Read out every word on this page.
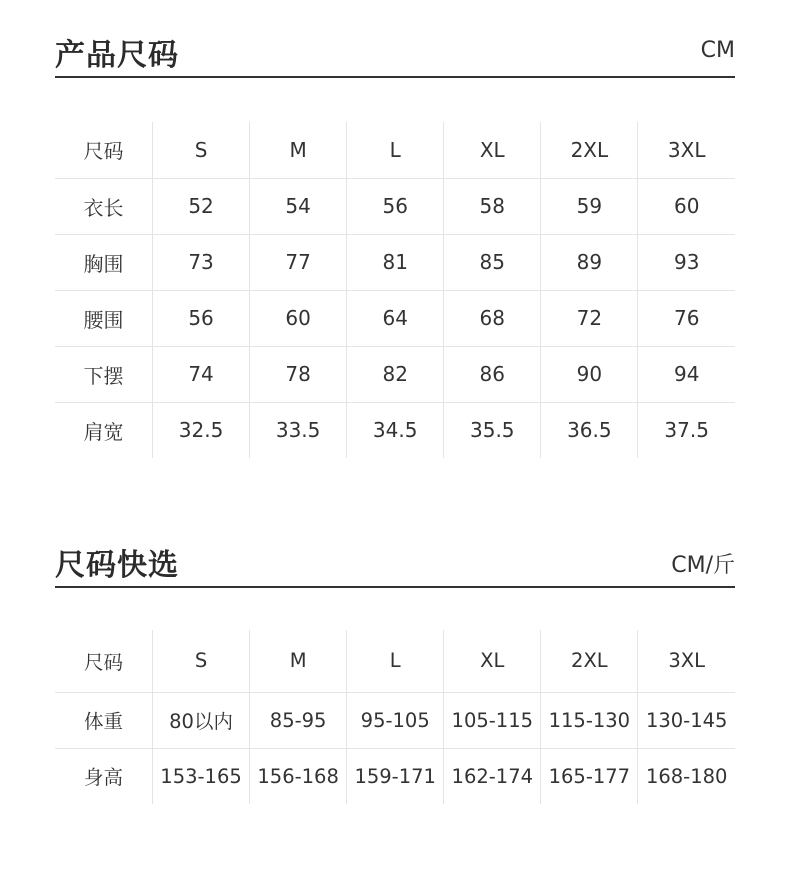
产品尺码	CM
尺码	S	M	L	XL	2XL	3XL
衣长	52	54	56	58	59	60
胸围	73	77	81	85	89	93
腰围	56	60	64	68	72	76
下摆	74	78	82	86	90	94
肩宽	32.5	33.5	34.5	35.5	36.5	37.5
尺码快选	CM/斤
尺码	S	M	L	XL	2XL	3XL
体重	80以内	85-95	95-105	105-115	115-130	130-145
身高	153-165	156-168	159-171	162-174	165-177	168-180
